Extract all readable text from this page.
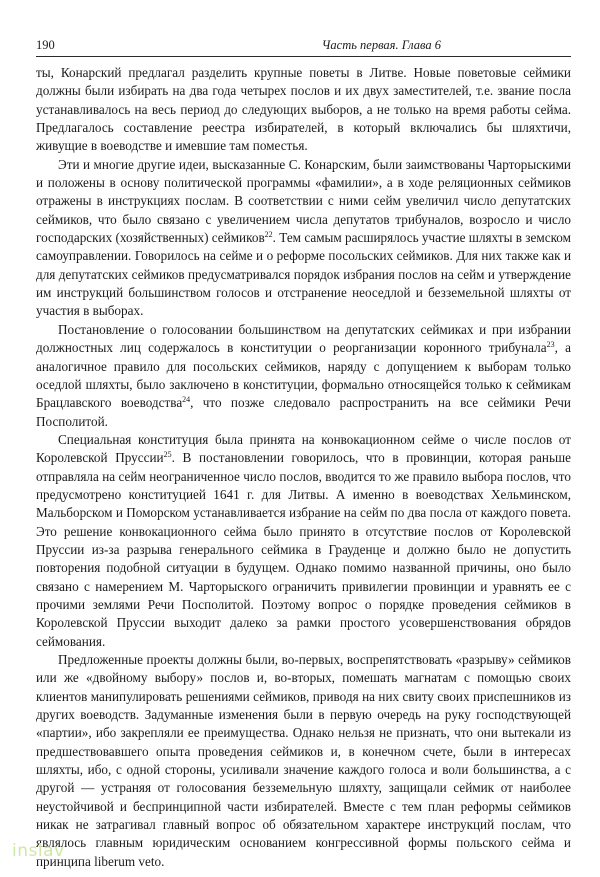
190	Часть первая. Глава 6

ты, Конарский предлагал разделить крупные поветы в Литве. Новые поветовые сеймики должны были избирать на два года четырех послов и их двух заместителей, т.е. звание посла устанавливалось на весь период до следующих выборов, а не только на время работы сейма. Предлагалось составление реестра избирателей, в который включались бы шляхтичи, живущие в воеводстве и имевшие там поместья.

Эти и многие другие идеи, высказанные С. Конарским, были заимствованы Чарторыскими и положены в основу политической программы «фамилии», а в ходе реляционных сеймиков отражены в инструкциях послам. В соответствии с ними сейм увеличил число депутатских сеймиков, что было связано с увеличением числа депутатов трибуналов, возросло и число господарских (хозяйственных) сеймиков$^{22}$. Тем самым расширялось участие шляхты в земском самоуправлении. Говорилось на сейме и о реформе посольских сеймиков. Для них также как и для депутатских сеймиков предусматривался порядок избрания послов на сейм и утверждение им инструкций большинством голосов и отстранение неоседлой и безземельной шляхты от участия в выборах.

Постановление о голосовании большинством на депутатских сеймиках и при избрании должностных лиц содержалось в конституции о реорганизации коронного трибунала$^{23}$, а аналогичное правило для посольских сеймиков, наряду с допущением к выборам только оседлой шляхты, было заключено в конституции, формально относящейся только к сеймикам Брацлавского воеводства$^{24}$, что позже следовало распространить на все сеймики Речи Посполитой.

Специальная конституция была принята на конвокационном сейме о числе послов от Королевской Пруссии$^{25}$. В постановлении говорилось, что в провинции, которая раньше отправляла на сейм неограниченное число послов, вводится то же правило выбора послов, что предусмотрено конституцией 1641 г. для Литвы. А именно в воеводствах Хельминском, Мальборском и Поморском устанавливается избрание на сейм по два посла от каждого повета. Это решение конвокационного сейма было принято в отсутствие послов от Королевской Пруссии из-за разрыва генерального сеймика в Грауденце и должно было не допустить повторения подобной ситуации в будущем. Однако помимо названной причины, оно было связано с намерением М. Чарторыского ограничить привилегии провинции и уравнять ее с прочими землями Речи Посполитой. Поэтому вопрос о порядке проведения сеймиков в Королевской Пруссии выходит далеко за рамки простого усовершенствования обрядов сеймования.

Предложенные проекты должны были, во-первых, воспрепятствовать «разрыву» сеймиков или же «двойному выбору» послов и, во-вторых, помешать магнатам с помощью своих клиентов манипулировать решениями сеймиков, приводя на них свиту своих приспешников из других воеводств. Задуманные изменения были в первую очередь на руку господствующей «партии», ибо закрепляли ее преимущества. Однако нельзя не признать, что они вытекали из предшествовавшего опыта проведения сеймиков и, в конечном счете, были в интересах шляхты, ибо, с одной стороны, усиливали значение каждого голоса и воли большинства, а с другой — устраняя от голосования безземельную шляхту, защищали сеймик от наиболее неустойчивой и беспринципной части избирателей. Вместе с тем план реформы сеймиков никак не затрагивал главный вопрос об обязательном характере инструкций послам, что являлось главным юридическим основанием конгрессивной формы польского сейма и принципа liberum veto.

inslav
